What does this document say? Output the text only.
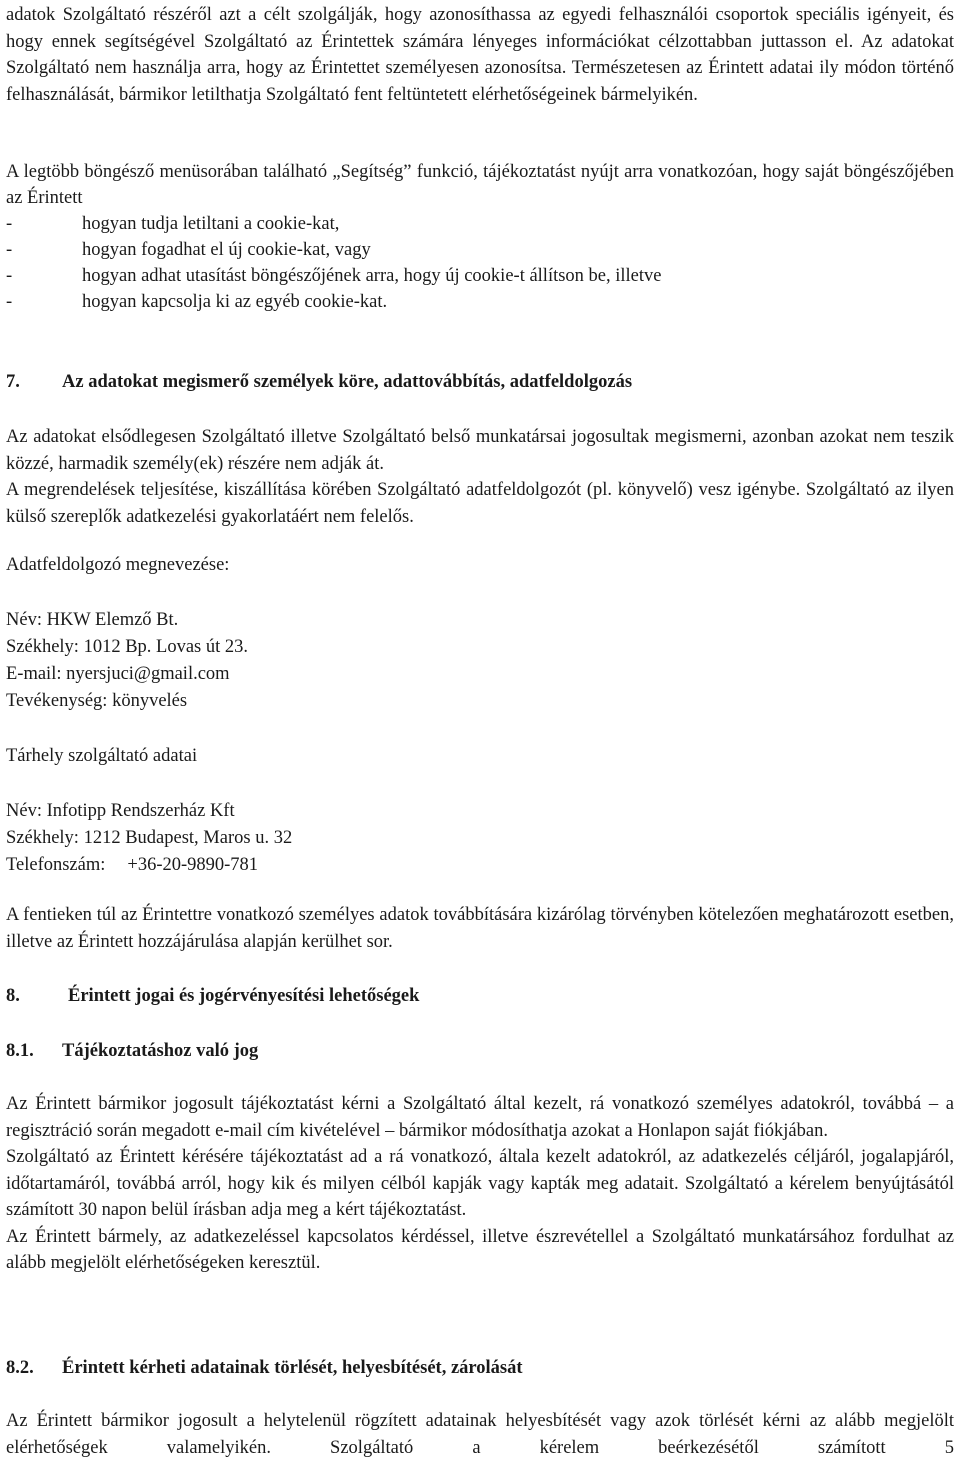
adatok Szolgáltató részéről azt a célt szolgálják, hogy azonosíthassa az egyedi felhasználói csoportok speciális igényeit, és hogy ennek segítségével Szolgáltató az Érintettek számára lényeges információkat célzottabban juttasson el. Az adatokat Szolgáltató nem használja arra, hogy az Érintettet személyesen azonosítsa. Természetesen az Érintett adatai ily módon történő felhasználását, bármikor letilthatja Szolgáltató fent feltüntetett elérhetőségeinek bármelyikén.

A legtöbb böngésző menüsorában található „Segítség” funkció, tájékoztatást nyújt arra vonatkozóan, hogy saját böngészőjében az Érintett

-	hogyan tudja letiltani a cookie-kat,
-	hogyan fogadhat el új cookie-kat, vagy
-	hogyan adhat utasítást böngészőjének arra, hogy új cookie-t állítson be, illetve
-	hogyan kapcsolja ki az egyéb cookie-kat.

7. Az adatokat megismerő személyek köre, adattovábbítás, adatfeldolgozás

Az adatokat elsődlegesen Szolgáltató illetve Szolgáltató belső munkatársai jogosultak megismerni, azonban azokat nem teszik közzé, harmadik személy(ek) részére nem adják át.

A megrendelések teljesítése, kiszállítása körében Szolgáltató adatfeldolgozót (pl. könyvelő) vesz igénybe. Szolgáltató az ilyen külső szereplők adatkezelési gyakorlatáért nem felelős.

Adatfeldolgozó megnevezése:

Név: HKW Elemző Bt.

Székhely: 1012 Bp. Lovas út 23.

E-mail: nyersjuci@gmail.com

Tevékenység: könyvelés

Tárhely szolgáltató adatai

Név: Infotipp Rendszerház Kft

Székhely: 1212 Budapest, Maros u. 32

Telefonszám: +36-20-9890-781

A fentieken túl az Érintettre vonatkozó személyes adatok továbbítására kizárólag törvényben kötelezően meghatározott esetben, illetve az Érintett hozzájárulása alapján kerülhet sor.

8.	Érintett jogai és jogérvényesítési lehetőségek

8.1. Tájékoztatáshoz való jog

Az Érintett bármikor jogosult tájékoztatást kérni a Szolgáltató által kezelt, rá vonatkozó személyes adatokról, továbbá – a regisztráció során megadott e-mail cím kivételével – bármikor módosíthatja azokat a Honlapon saját fiókjában.

Szolgáltató az Érintett kérésére tájékoztatást ad a rá vonatkozó, általa kezelt adatokról, az adatkezelés céljáról, jogalapjáról, időtartamáról, továbbá arról, hogy kik és milyen célból kapják vagy kapták meg adatait. Szolgáltató a kérelem benyújtásától számított 30 napon belül írásban adja meg a kért tájékoztatást.

Az Érintett bármely, az adatkezeléssel kapcsolatos kérdéssel, illetve észrevétellel a Szolgáltató munkatársához fordulhat az alább megjelölt elérhetőségeken keresztül.

8.2. Érintett kérheti adatainak törlését, helyesbítését, zárolását

Az Érintett bármikor jogosult a helytelenül rögzített adatainak helyesbítését vagy azok törlését kérni az alább megjelölt elérhetőségek valamelyikén. Szolgáltató a kérelem beérkezésétől számított 5
